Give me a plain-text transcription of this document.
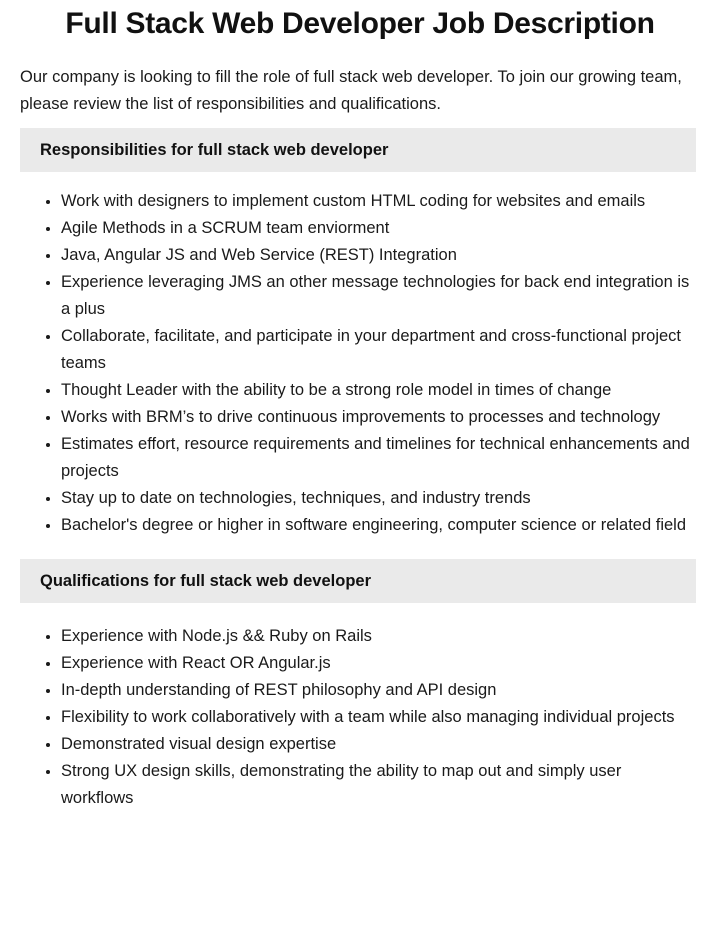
Full Stack Web Developer Job Description

Our company is looking to fill the role of full stack web developer. To join our growing team, please review the list of responsibilities and qualifications.

Responsibilities for full stack web developer
• Work with designers to implement custom HTML coding for websites and emails
• Agile Methods in a SCRUM team enviorment
• Java, Angular JS and Web Service (REST) Integration
• Experience leveraging JMS an other message technologies for back end integration is a plus
• Collaborate, facilitate, and participate in your department and cross-functional project teams
• Thought Leader with the ability to be a strong role model in times of change
• Works with BRM’s to drive continuous improvements to processes and technology
• Estimates effort, resource requirements and timelines for technical enhancements and projects
• Stay up to date on technologies, techniques, and industry trends
• Bachelor's degree or higher in software engineering, computer science or related field
Qualifications for full stack web developer
• Experience with Node.js && Ruby on Rails
• Experience with React OR Angular.js
• In-depth understanding of REST philosophy and API design
• Flexibility to work collaboratively with a team while also managing individual projects
• Demonstrated visual design expertise
• Strong UX design skills, demonstrating the ability to map out and simply user workflows
